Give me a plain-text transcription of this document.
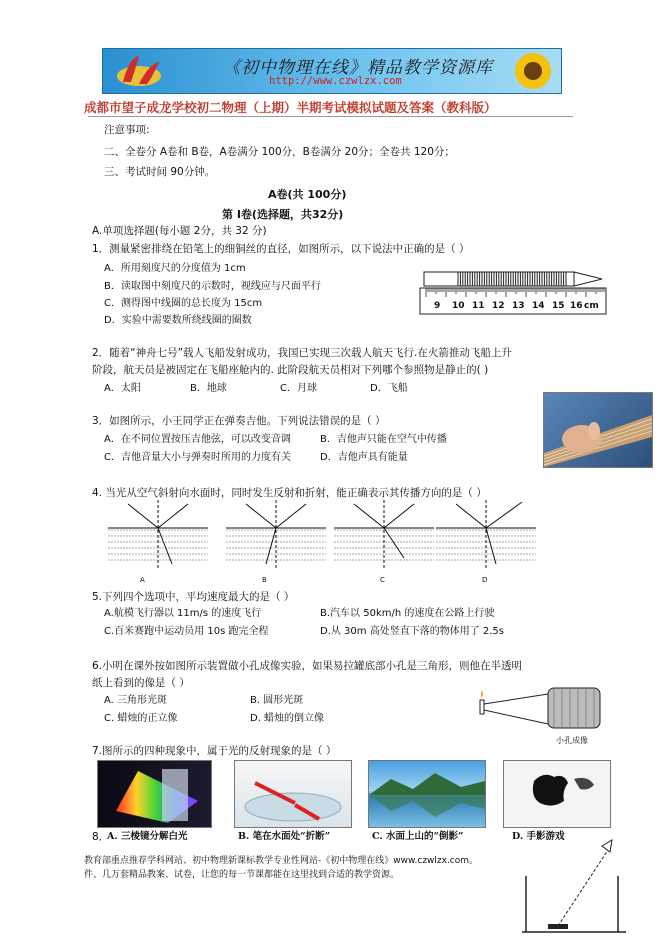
《初中物理在线》精品教学资源库
http://www.czwlzx.com
成都市望子成龙学校初二物理（上期）半期考试模拟试题及答案（教科版）
注意事项:
二、全卷分 A卷和 B卷，A卷满分 100分，B卷满分 20分；全卷共 120分；
三、考试时间 90分钟。
A卷(共 100分)
第 I卷(选择题，共32分)
A.单项选择题(每小题 2分，共 32 分)
1．测量紧密排绕在铅笔上的细铜丝的直径，如图所示，以下说法中正确的是（ ）
A．所用刻度尺的分度值为 1cm
B．读取图中刻度尺的示数时，视线应与尺面平行
C．测得图中线圈的总长度为 15cm
D．实验中需要数所绕线圈的圈数
9 10 11 12 13 14 15 16 cm
2．随着“神舟七号”载人飞船发射成功，我国已实现三次载人航天飞行.在火箭推动飞船上升
阶段，航天员是被固定在飞船座舱内的. 此阶段航天员相对下列哪个参照物是静止的( )
A．太阳	B．地球	C．月球	D．飞船
3．如图所示，小王同学正在弹奏吉他。下列说法错误的是（ ）
A．在不同位置按压吉他弦，可以改变音调	B．吉他声只能在空气中传播
C．吉他音量大小与弹奏时所用的力度有关	D．吉他声具有能量
4. 当光从空气斜射向水面时，同时发生反射和折射，能正确表示其传播方向的是（ ）
A	B	C	D
5.下列四个选项中，平均速度最大的是（ ）
A.航模飞行器以 11m/s 的速度飞行	B.汽车以 50km/h 的速度在公路上行驶
C.百米赛跑中运动员用 10s 跑完全程	D.从 30m 高处竖直下落的物体用了 2.5s
6.小明在课外按如图所示装置做小孔成像实验，如果易拉罐底部小孔是三角形，则他在半透明
纸上看到的像是（ ）
A. 三角形光斑	B. 圆形光斑
C. 蜡烛的正立像	D. 蜡烛的倒立像
小孔成像
7.图所示的四种现象中，属于光的反射现象的是（ ）
A. 三棱镜分解白光	B. 笔在水面处“折断”	C. 水面上山的“倒影”	D. 手影游戏
8．
教育部重点推荐学科网站、初中物理新课标教学专业性网站-《初中物理在线》www.czwlzx.com。
件、几万套精品教案、试卷，让您的每一节课都能在这里找到合适的教学资源。
